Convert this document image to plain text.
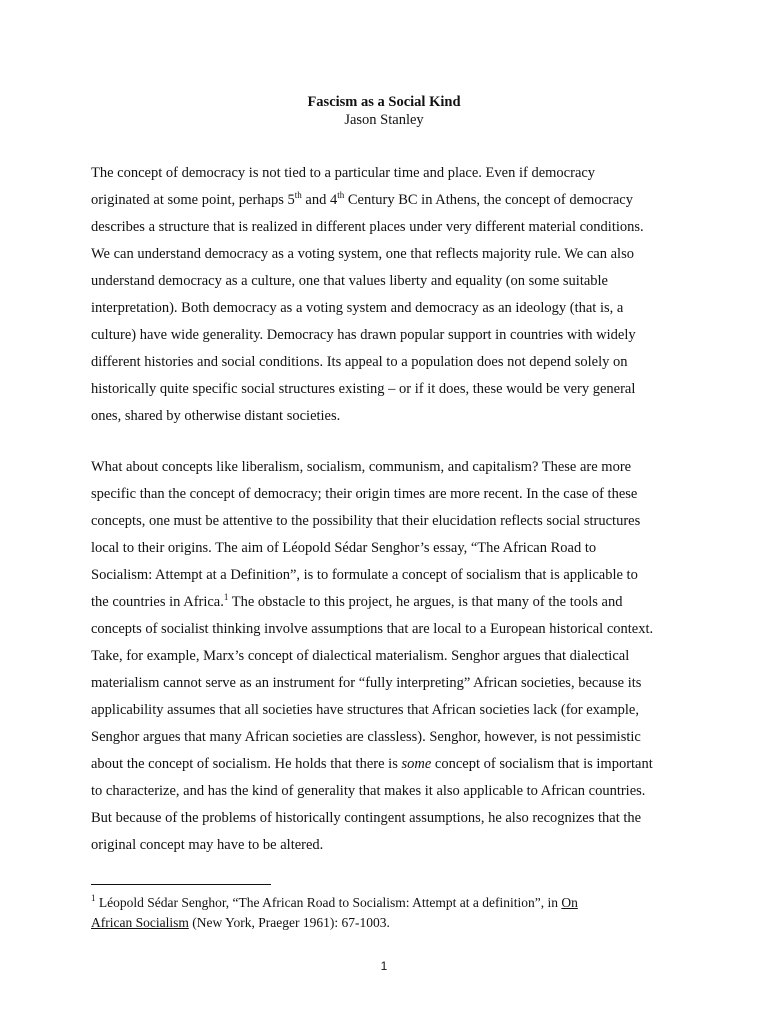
Fascism as a Social Kind
Jason Stanley

The concept of democracy is not tied to a particular time and place. Even if democracy
originated at some point, perhaps 5th and 4th Century BC in Athens, the concept of democracy
describes a structure that is realized in different places under very different material conditions.
We can understand democracy as a voting system, one that reflects majority rule. We can also
understand democracy as a culture, one that values liberty and equality (on some suitable
interpretation). Both democracy as a voting system and democracy as an ideology (that is, a
culture) have wide generality. Democracy has drawn popular support in countries with widely
different histories and social conditions. Its appeal to a population does not depend solely on
historically quite specific social structures existing – or if it does, these would be very general
ones, shared by otherwise distant societies.

What about concepts like liberalism, socialism, communism, and capitalism? These are more
specific than the concept of democracy; their origin times are more recent. In the case of these
concepts, one must be attentive to the possibility that their elucidation reflects social structures
local to their origins. The aim of Léopold Sédar Senghor’s essay, “The African Road to
Socialism: Attempt at a Definition”, is to formulate a concept of socialism that is applicable to
the countries in Africa.$^1$ The obstacle to this project, he argues, is that many of the tools and
concepts of socialist thinking involve assumptions that are local to a European historical context.
Take, for example, Marx’s concept of dialectical materialism. Senghor argues that dialectical
materialism cannot serve as an instrument for “fully interpreting” African societies, because its
applicability assumes that all societies have structures that African societies lack (for example,
Senghor argues that many African societies are classless). Senghor, however, is not pessimistic
about the concept of socialism. He holds that there is some concept of socialism that is important
to characterize, and has the kind of generality that makes it also applicable to African countries.
But because of the problems of historically contingent assumptions, he also recognizes that the
original concept may have to be altered.

$^1$ Léopold Sédar Senghor, “The African Road to Socialism: Attempt at a definition”, in On
African Socialism (New York, Praeger 1961): 67-1003.
1
